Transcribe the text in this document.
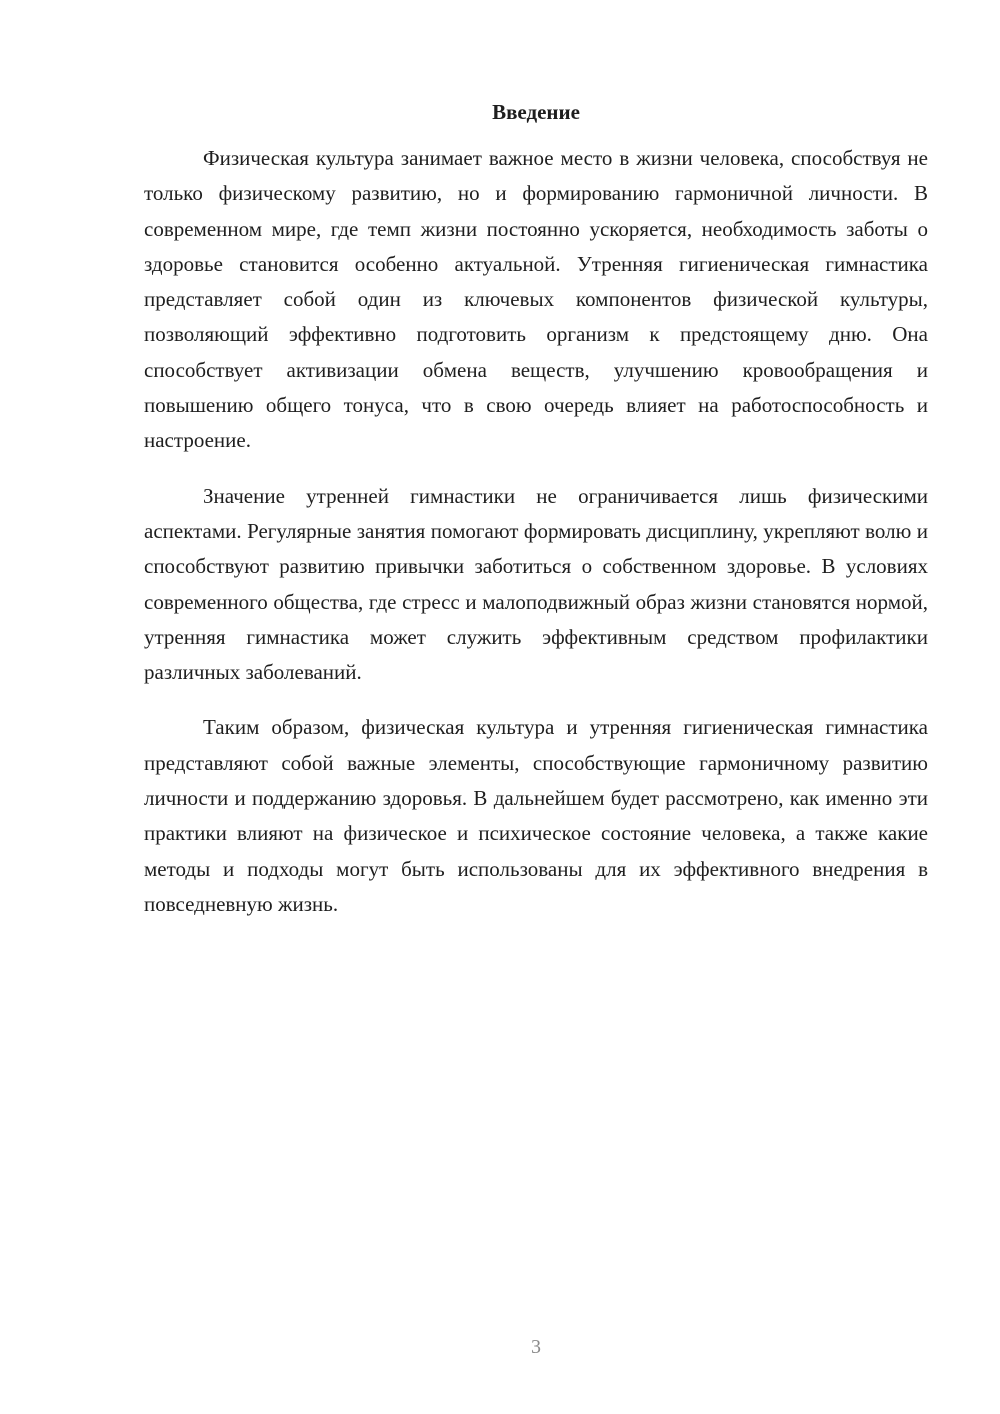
Введение

Физическая культура занимает важное место в жизни человека, способствуя не только физическому развитию, но и формированию гармоничной личности. В современном мире, где темп жизни постоянно ускоряется, необходимость заботы о здоровье становится особенно актуальной. Утренняя гигиеническая гимнастика представляет собой один из ключевых компонентов физической культуры, позволяющий эффективно подготовить организм к предстоящему дню. Она способствует активизации обмена веществ, улучшению кровообращения и повышению общего тонуса, что в свою очередь влияет на работоспособность и настроение.

Значение утренней гимнастики не ограничивается лишь физическими аспектами. Регулярные занятия помогают формировать дисциплину, укрепляют волю и способствуют развитию привычки заботиться о собственном здоровье. В условиях современного общества, где стресс и малоподвижный образ жизни становятся нормой, утренняя гимнастика может служить эффективным средством профилактики различных заболеваний.

Таким образом, физическая культура и утренняя гигиеническая гимнастика представляют собой важные элементы, способствующие гармоничному развитию личности и поддержанию здоровья. В дальнейшем будет рассмотрено, как именно эти практики влияют на физическое и психическое состояние человека, а также какие методы и подходы могут быть использованы для их эффективного внедрения в повседневную жизнь.

3
